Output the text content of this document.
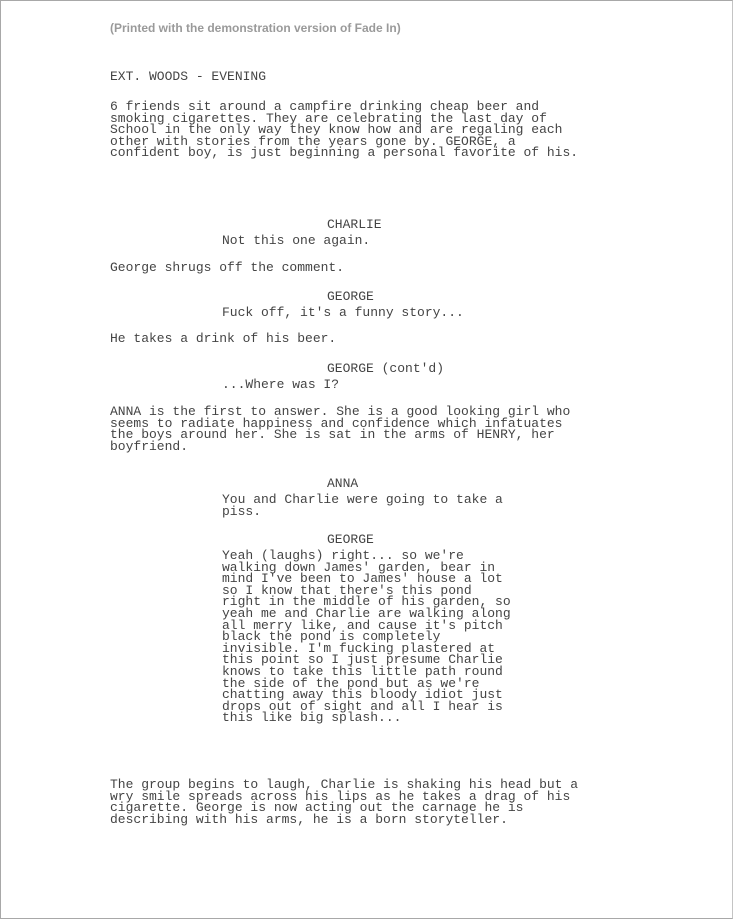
(Printed with the demonstration version of Fade In)
EXT. WOODS - EVENING
6 friends sit around a campfire drinking cheap beer and
smoking cigarettes. They are celebrating the last day of
School in the only way they know how and are regaling each
other with stories from the years gone by. GEORGE, a
confident boy, is just beginning a personal favorite of his.
CHARLIE
Not this one again.
George shrugs off the comment.
GEORGE
Fuck off, it's a funny story...
He takes a drink of his beer.
GEORGE (cont'd)
...Where was I?
ANNA is the first to answer. She is a good looking girl who
seems to radiate happiness and confidence which infatuates
the boys around her. She is sat in the arms of HENRY, her
boyfriend.
ANNA
You and Charlie were going to take a
piss.
GEORGE
Yeah (laughs) right... so we're
walking down James' garden, bear in
mind I've been to James' house a lot
so I know that there's this pond
right in the middle of his garden, so
yeah me and Charlie are walking along
all merry like, and cause it's pitch
black the pond is completely
invisible. I'm fucking plastered at
this point so I just presume Charlie
knows to take this little path round
the side of the pond but as we're
chatting away this bloody idiot just
drops out of sight and all I hear is
this like big splash...
The group begins to laugh, Charlie is shaking his head but a
wry smile spreads across his lips as he takes a drag of his
cigarette. George is now acting out the carnage he is
describing with his arms, he is a born storyteller.
